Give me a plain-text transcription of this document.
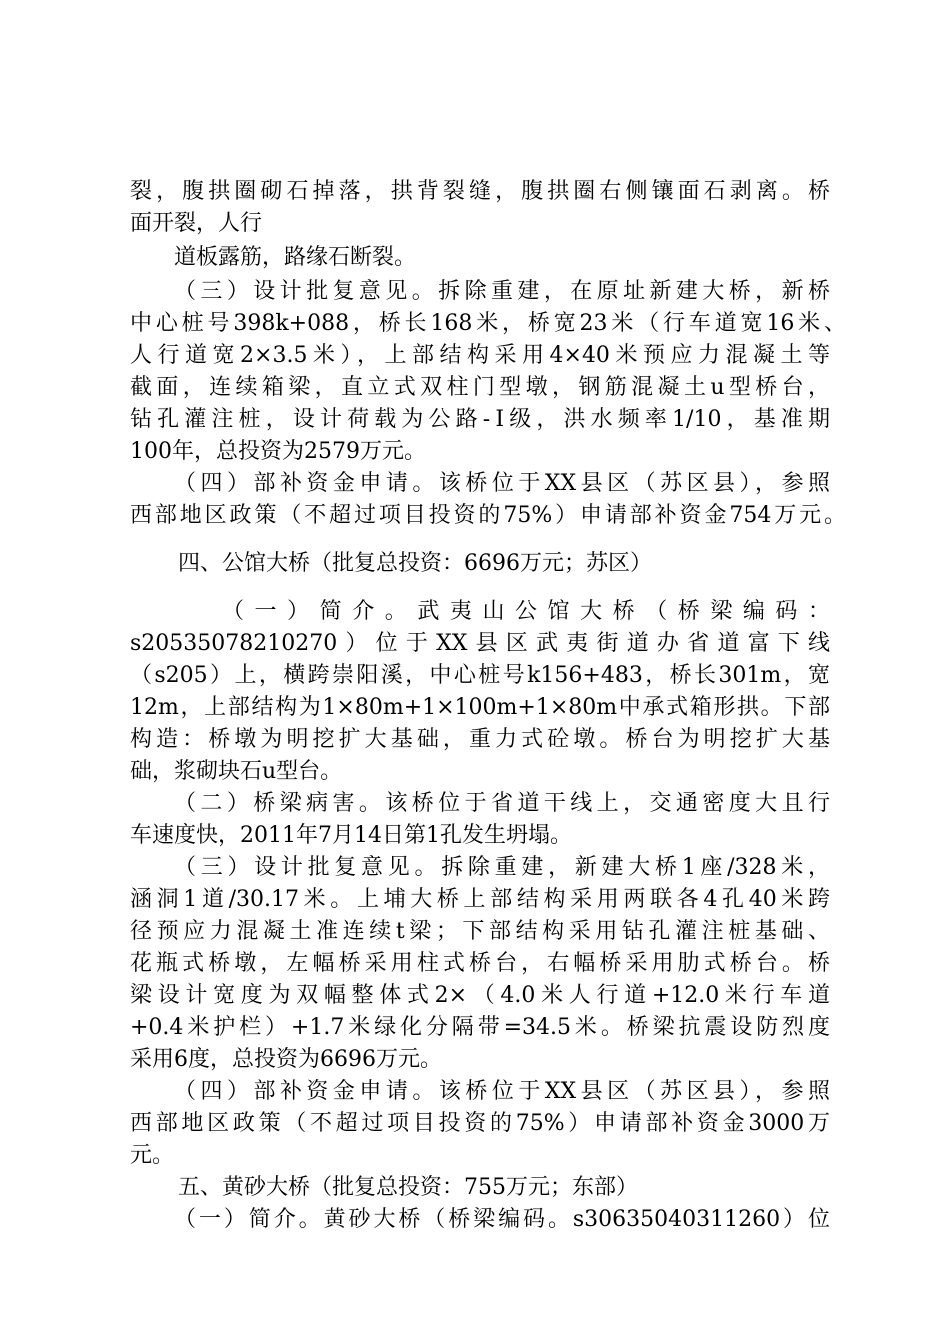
裂，腹拱圈砌石掉落，拱背裂缝，腹拱圈右侧镶面石剥离。桥
面开裂，人行
道板露筋，路缘石断裂。
（三）设计批复意见。拆除重建，在原址新建大桥，新桥
中心桩号398k+088，桥长168米，桥宽23米（行车道宽16米、
人行道宽2×3.5米），上部结构采用4×40米预应力混凝土等
截面，连续箱梁，直立式双柱门型墩，钢筋混凝土u型桥台，
钻孔灌注桩，设计荷载为公路-Ⅰ级，洪水频率1/10，基准期
100年，总投资为2579万元。
（四）部补资金申请。该桥位于XX县区（苏区县），参照
西部地区政策（不超过项目投资的75%）申请部补资金754万元。
四、公馆大桥（批复总投资：6696万元；苏区）
（一）简介。武夷山公馆大桥（桥梁编码：
s20535078210270）位于XX县区武夷街道办省道富下线
（s205）上，横跨崇阳溪，中心桩号k156+483，桥长301m，宽
12m，上部结构为1×80m+1×100m+1×80m中承式箱形拱。下部
构造：桥墩为明挖扩大基础，重力式砼墩。桥台为明挖扩大基
础，浆砌块石u型台。
（二）桥梁病害。该桥位于省道干线上，交通密度大且行
车速度快，2011年7月14日第1孔发生坍塌。
（三）设计批复意见。拆除重建，新建大桥1座/328米，
涵洞1道/30.17米。上埔大桥上部结构采用两联各4孔40米跨
径预应力混凝土准连续t梁；下部结构采用钻孔灌注桩基础、
花瓶式桥墩，左幅桥采用柱式桥台，右幅桥采用肋式桥台。桥
梁设计宽度为双幅整体式2×（4.0米人行道+12.0米行车道
+0.4米护栏）+1.7米绿化分隔带=34.5米。桥梁抗震设防烈度
采用6度，总投资为6696万元。
（四）部补资金申请。该桥位于XX县区（苏区县），参照
西部地区政策（不超过项目投资的75%）申请部补资金3000万
元。
五、黄砂大桥（批复总投资：755万元；东部）
（一）简介。黄砂大桥（桥梁编码。s30635040311260）位
